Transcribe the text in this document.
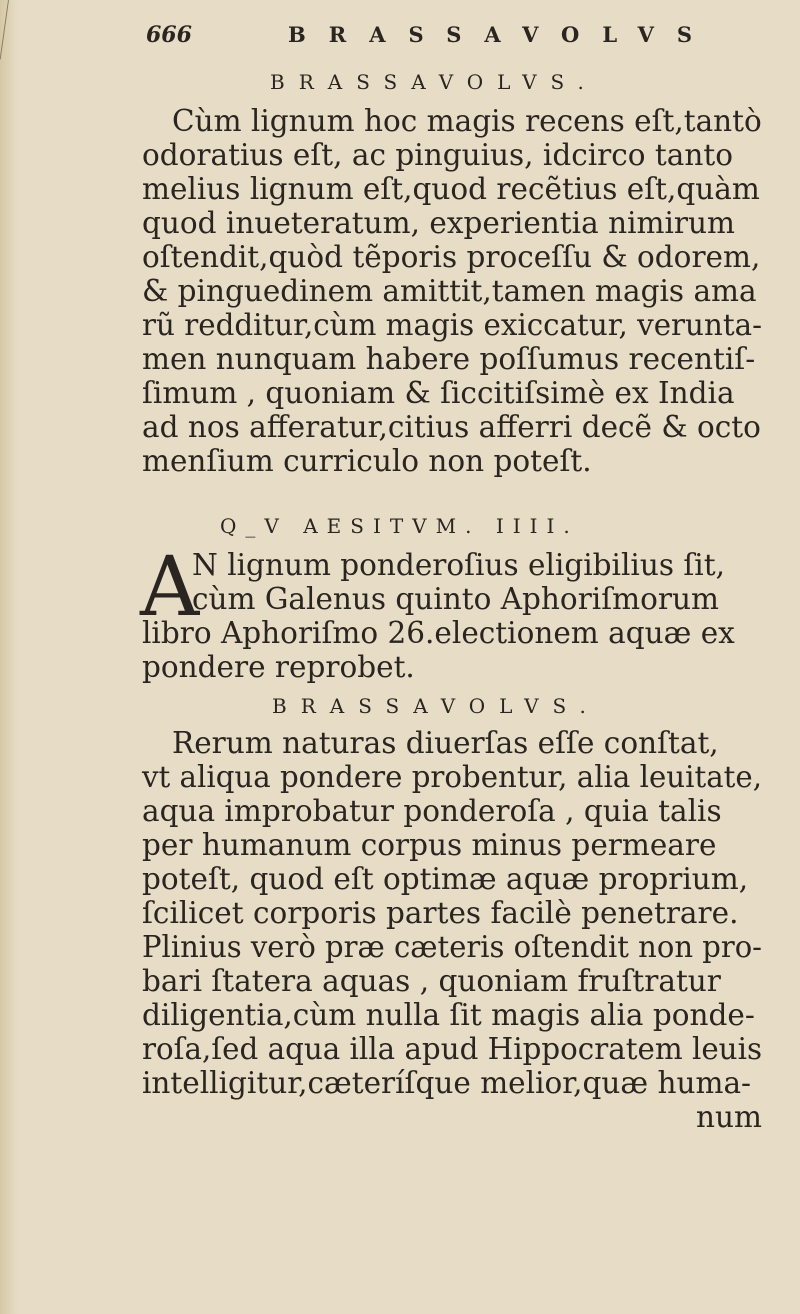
666	BRASSAVOLVS
BRASSAVOLVS.
Cùm lignum hoc magis recens eſt,tantò
odoratius eſt, ac pinguius, idcirco tanto
melius lignum eſt,quod recẽtius eſt,quàm
quod inueteratum, experientia nimirum
oſtendit,quòd tẽporis proceſſu & odorem,
& pinguedinem amittit,tamen magis ama
rũ redditur,cùm magis exiccatur, verunta-
men nunquam habere poſſumus recentiſ-
ſimum , quoniam & ſiccitiſsimè ex India
ad nos afferatur,citius afferri decẽ & octo
menſium curriculo non poteſt.
Q_V AESITVM. IIII.
A
N lignum ponderoſius eligibilius ſit,
cùm Galenus quinto Aphoriſmorum
libro Aphoriſmo 26.electionem aquæ ex
pondere reprobet.
BRASSAVOLVS.
Rerum naturas diuerſas eſſe conſtat,
vt aliqua pondere probentur, alia leuitate,
aqua improbatur ponderoſa , quia talis
per humanum corpus minus permeare
poteſt, quod eſt optimæ aquæ proprium,
ſcilicet corporis partes facilè penetrare.
Plinius verò præ cæteris oſtendit non pro-
bari ſtatera aquas , quoniam fruſtratur
diligentia,cùm nulla ſit magis alia ponde-
roſa,ſed aqua illa apud Hippocratem leuis
intelligitur,cæteríſque melior,quæ huma-
num
